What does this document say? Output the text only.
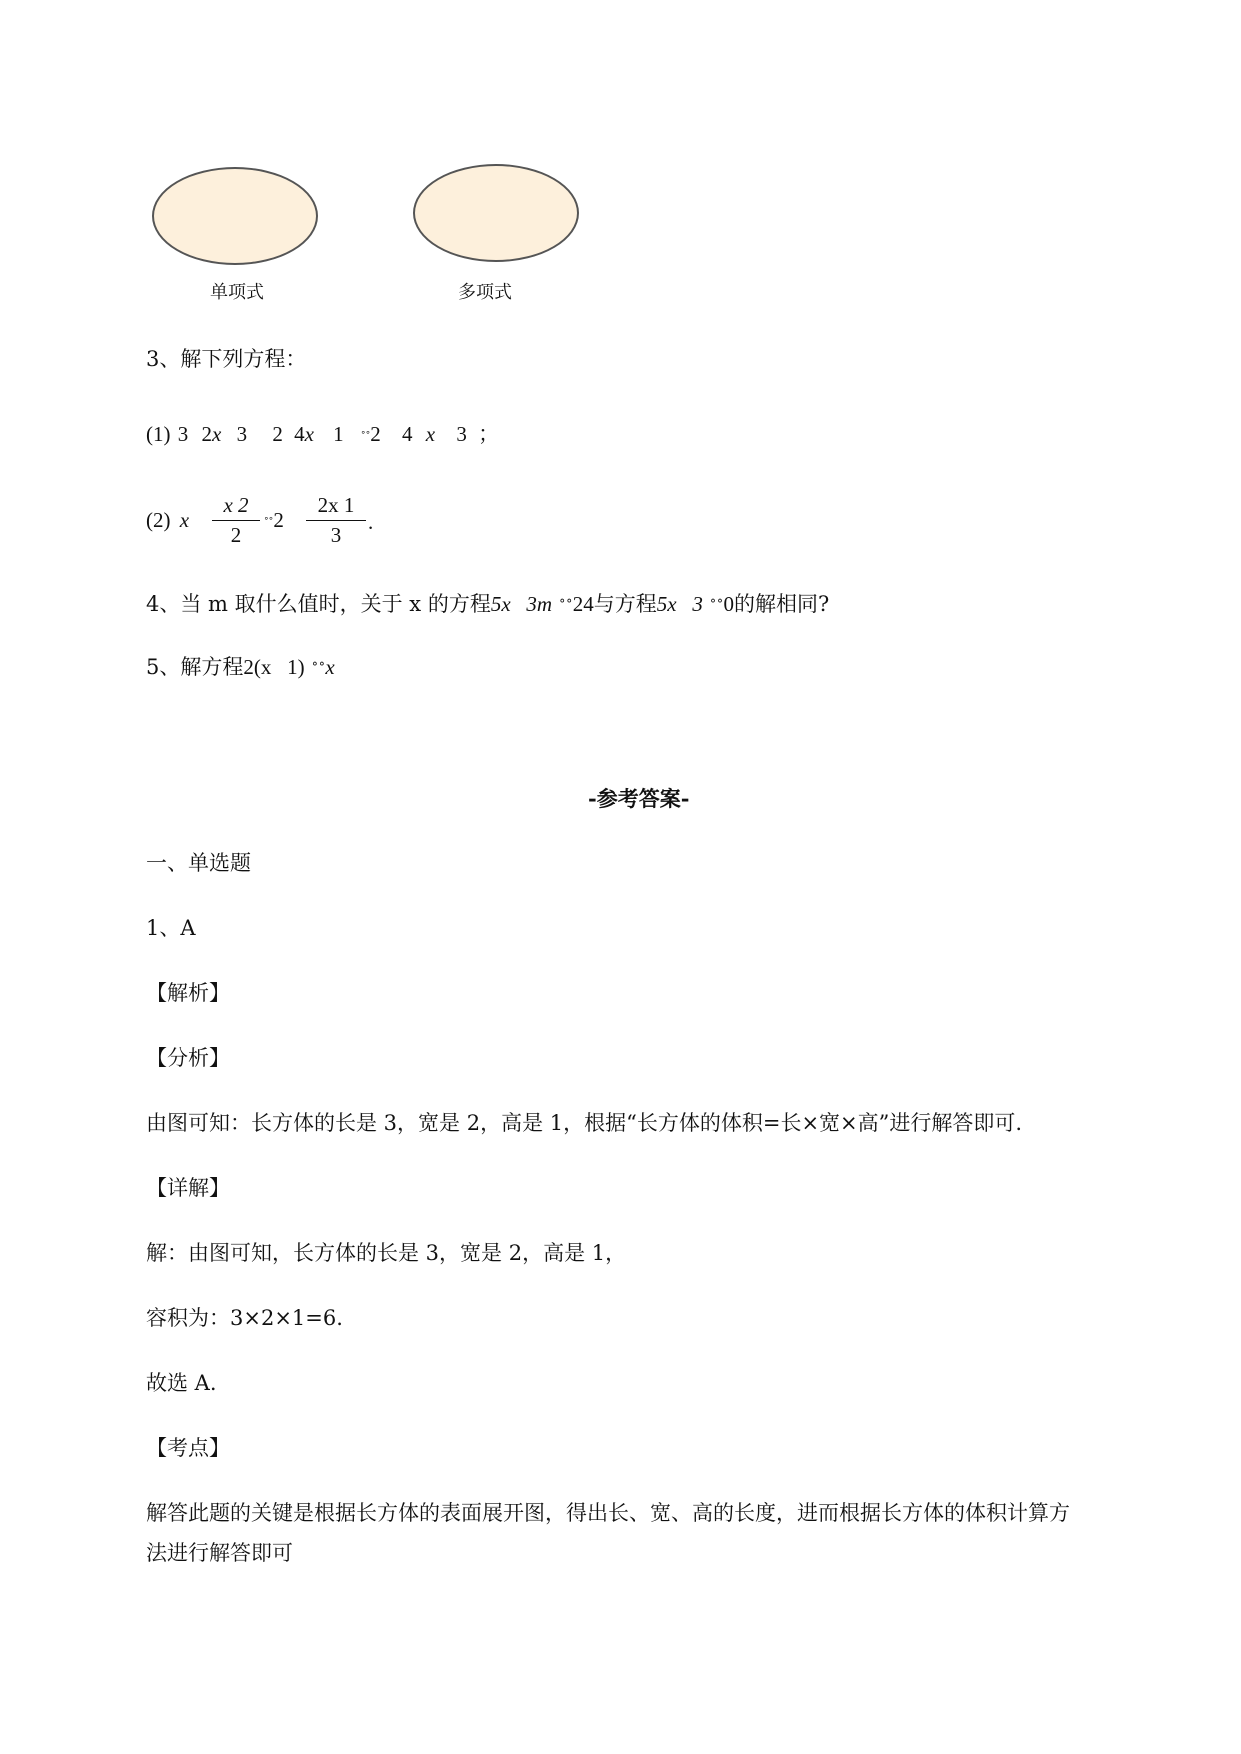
单项式	多项式
3、解下列方程：
(1) 3 2x 3 2 4x 1 ˚˚2 4 x 3 ；
(2) x
x 2
2	˚˚2
2x 1
3
.
4、当 m 取什么值时，关于 x 的方程5x   3m ˚˚24与方程5x   3 ˚˚0的解相同?
5、解方程2(x   1) ˚˚x
-参考答案-
一、单选题
1、A
【解析】
【分析】
由图可知：长方体的长是 3，宽是 2，高是 1，根据“长方体的体积=长×宽×高”进行解答即可.
【详解】
解：由图可知，长方体的长是 3，宽是 2，高是 1，
容积为：3×2×1=6.
故选 A.
【考点】
解答此题的关键是根据长方体的表面展开图，得出长、宽、高的长度，进而根据长方体的体积计算方
法进行解答即可
